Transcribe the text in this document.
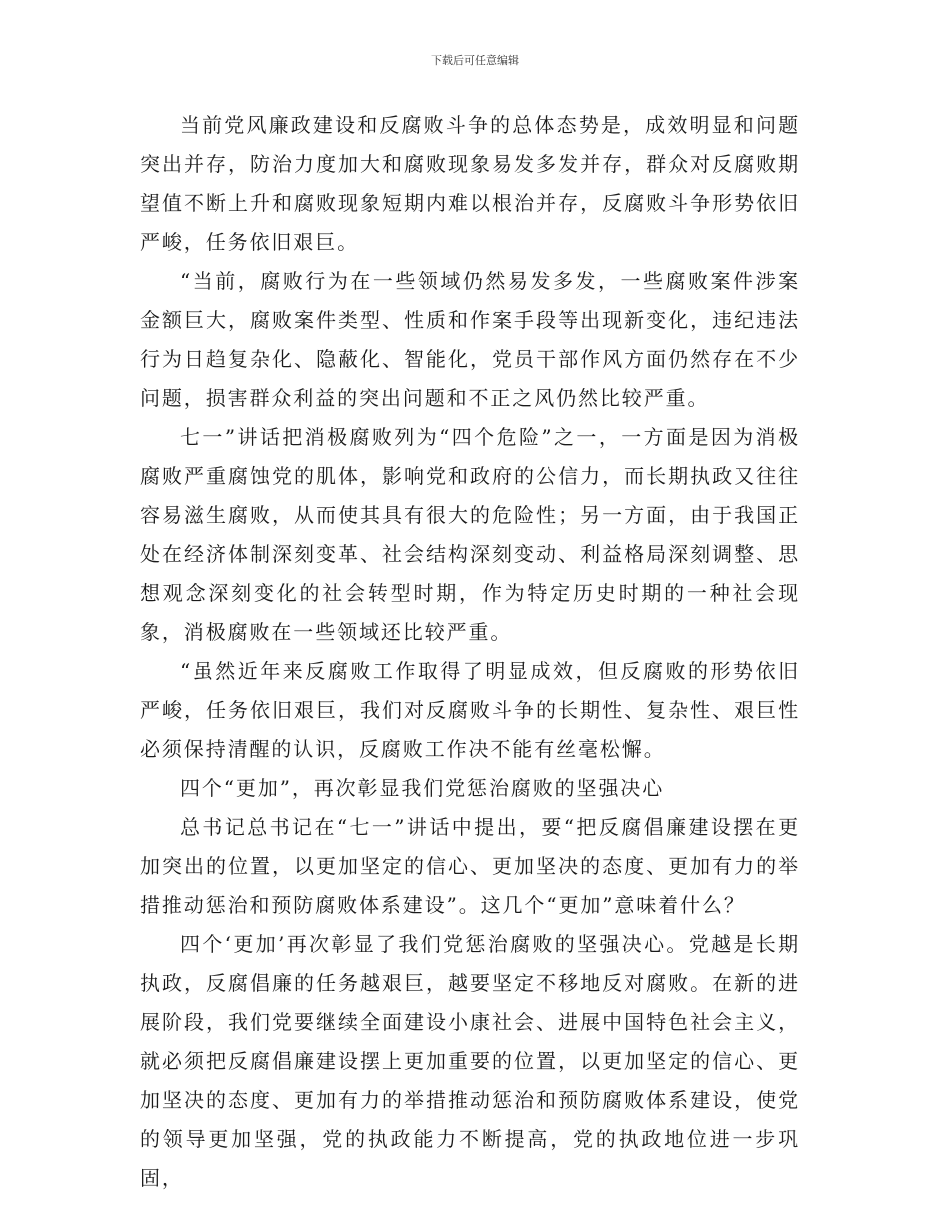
下载后可任意编辑

当前党风廉政建设和反腐败斗争的总体态势是，成效明显和问题突出并存，防治力度加大和腐败现象易发多发并存，群众对反腐败期望值不断上升和腐败现象短期内难以根治并存，反腐败斗争形势依旧严峻，任务依旧艰巨。

“当前，腐败行为在一些领域仍然易发多发，一些腐败案件涉案金额巨大，腐败案件类型、性质和作案手段等出现新变化，违纪违法行为日趋复杂化、隐蔽化、智能化，党员干部作风方面仍然存在不少问题，损害群众利益的突出问题和不正之风仍然比较严重。

七一”讲话把消极腐败列为“四个危险”之一，一方面是因为消极腐败严重腐蚀党的肌体，影响党和政府的公信力，而长期执政又往往容易滋生腐败，从而使其具有很大的危险性；另一方面，由于我国正处在经济体制深刻变革、社会结构深刻变动、利益格局深刻调整、思想观念深刻变化的社会转型时期，作为特定历史时期的一种社会现象，消极腐败在一些领域还比较严重。

“虽然近年来反腐败工作取得了明显成效，但反腐败的形势依旧严峻，任务依旧艰巨，我们对反腐败斗争的长期性、复杂性、艰巨性必须保持清醒的认识，反腐败工作决不能有丝毫松懈。

四个“更加”，再次彰显我们党惩治腐败的坚强决心

总书记总书记在“七一”讲话中提出，要“把反腐倡廉建设摆在更加突出的位置，以更加坚定的信心、更加坚决的态度、更加有力的举措推动惩治和预防腐败体系建设”。这几个“更加”意味着什么？

四个‘更加’再次彰显了我们党惩治腐败的坚强决心。党越是长期执政，反腐倡廉的任务越艰巨，越要坚定不移地反对腐败。在新的进展阶段，我们党要继续全面建设小康社会、进展中国特色社会主义，就必须把反腐倡廉建设摆上更加重要的位置，以更加坚定的信心、更加坚决的态度、更加有力的举措推动惩治和预防腐败体系建设，使党的领导更加坚强，党的执政能力不断提高，党的执政地位进一步巩固，
